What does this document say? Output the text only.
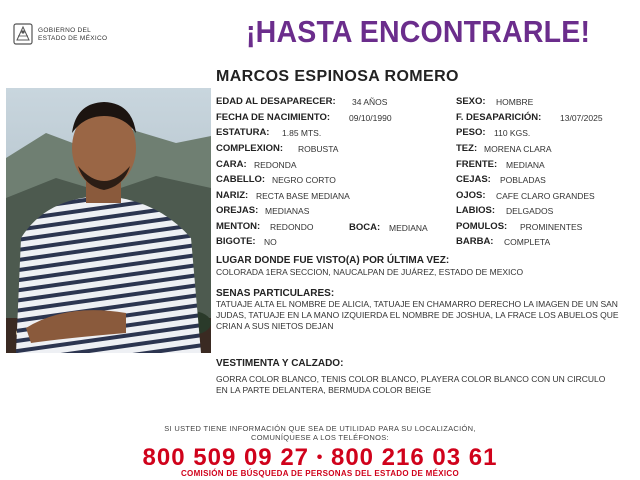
GOBIERNO DEL
ESTADO DE MÉXICO	¡HASTA ENCONTRARLE!
MARCOS ESPINOSA ROMERO
EDAD AL DESAPARECER: 34 AÑOS
FECHA DE NACIMIENTO: 09/10/1990
ESTATURA: 1.85 MTS.
COMPLEXION: ROBUSTA
CARA: REDONDA
CABELLO: NEGRO CORTO
NARIZ: RECTA BASE MEDIANA
OREJAS: MEDIANAS
MENTON: REDONDO
BIGOTE: NO
BOCA: MEDIANA
SEXO: HOMBRE
F. DESAPARICIÓN: 13/07/2025
PESO: 110 KGS.
TEZ: MORENA CLARA
FRENTE: MEDIANA
CEJAS: POBLADAS
OJOS: CAFE CLARO GRANDES
LABIOS: DELGADOS
POMULOS: PROMINENTES
BARBA: COMPLETA
LUGAR DONDE FUE VISTO(A) POR ÚLTIMA VEZ:
COLORADA 1ERA SECCION, NAUCALPAN DE JUÁREZ, ESTADO DE MEXICO
SENAS PARTICULARES:
TATUAJE ALTA EL NOMBRE DE ALICIA, TATUAJE EN CHAMARRO DERECHO LA IMAGEN DE UN SAN JUDAS, TATUAJE EN LA MANO IZQUIERDA EL NOMBRE DE JOSHUA, LA FRACE LOS ABUELOS QUE CRIAN A SUS NIETOS DEJAN
VESTIMENTA Y CALZADO:
GORRA COLOR BLANCO, TENIS COLOR BLANCO, PLAYERA COLOR BLANCO CON UN CIRCULO EN LA PARTE DELANTERA, BERMUDA COLOR BEIGE
SI USTED TIENE INFORMACIÓN QUE SEA DE UTILIDAD PARA SU LOCALIZACIÓN,
COMUNÍQUESE A LOS TELÉFONOS:
800 509 09 27 • 800 216 03 61
COMISIÓN DE BÚSQUEDA DE PERSONAS DEL ESTADO DE MÉXICO
